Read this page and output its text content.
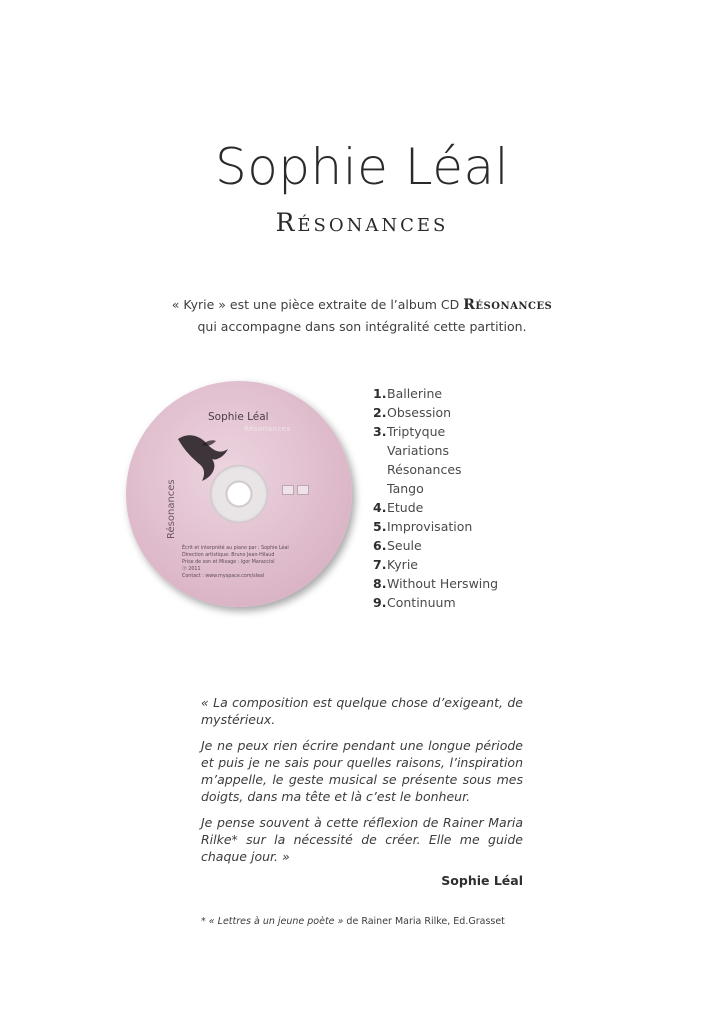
Sophie Léal
Résonances
« Kyrie » est une pièce extraite de l’album CD Résonances
qui accompagne dans son intégralité cette partition.
Sophie Léal
Résonances
Résonances
Écrit et interprété au piano par : Sophie Léal
Direction artistique: Bruno Jean-Hilaud
Prise de son et Mixage : Igor Maracciol
Ⓟ 2011
Contact : www.myspace.com/sleal
1.Ballerine
2.Obsession
3.Triptyque
Variations
Résonances
Tango
4.Etude
5.Improvisation
6.Seule
7.Kyrie
8.Without Herswing
9.Continuum

« La composition est quelque chose d’exigeant, de mystérieux.

Je ne peux rien écrire pendant une longue période et puis je ne sais pour quelles raisons, l’inspiration m’appelle, le geste musical se présente sous mes doigts, dans ma tête et là c’est le bonheur.

Je pense souvent à cette réflexion de Rainer Maria Rilke* sur la nécessité de créer. Elle me guide chaque jour. »

Sophie Léal
* « Lettres à un jeune poète » de Rainer Maria Rilke, Ed.Grasset
